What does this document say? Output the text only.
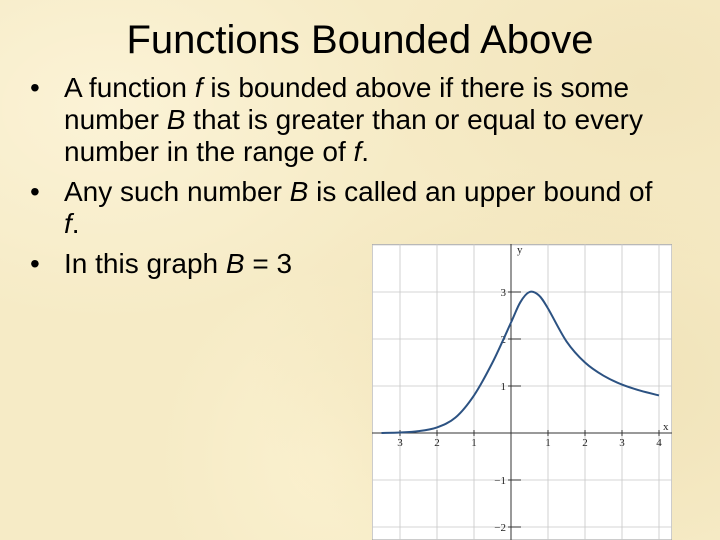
Functions Bounded Above
• A function f is bounded above if there is some number B that is greater than or equal to every number in the range of f.
• Any such number B is called an upper bound of f.
• In this graph B = 3
3	2	1	1	2	3	4
3
2
1
−1
−2
y
x
